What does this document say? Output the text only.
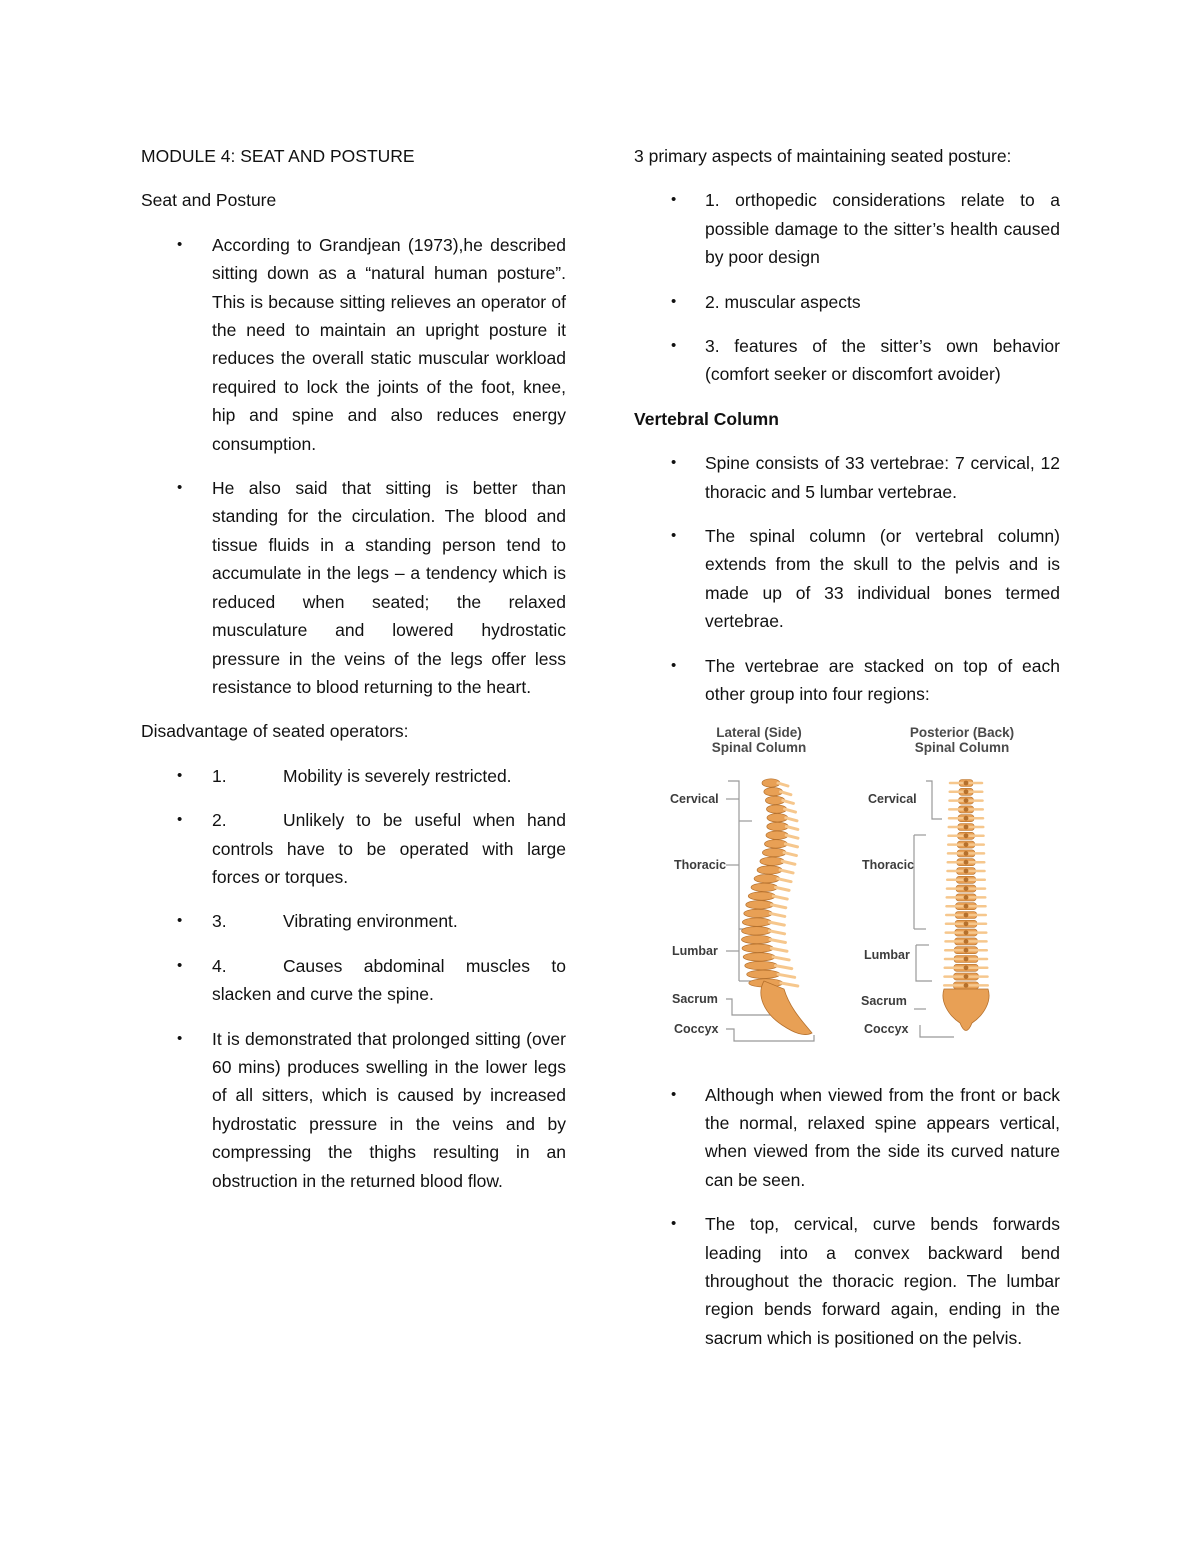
MODULE 4: SEAT AND POSTURE

Seat and Posture

• According to Grandjean (1973),he described sitting down as a “natural human posture”. This is because sitting relieves an operator of the need to maintain an upright posture it reduces the overall static muscular workload required to lock the joints of the foot, knee, hip and spine and also reduces energy consumption.
• He also said that sitting is better than standing for the circulation. The blood and tissue fluids in a standing person tend to accumulate in the legs – a tendency which is reduced when seated; the relaxed musculature and lowered hydrostatic pressure in the veins of the legs offer less resistance to blood returning to the heart.

Disadvantage of seated operators:

• 1.	Mobility is severely restricted.
• 2.	Unlikely to be useful when hand controls have to be operated with large forces or torques.
• 3.	Vibrating environment.
• 4.	Causes abdominal muscles to slacken and curve the spine.
• It is demonstrated that prolonged sitting (over 60 mins) produces swelling in the lower legs of all sitters, which is caused by increased hydrostatic pressure in the veins and by compressing the thighs resulting in an obstruction in the returned blood flow.

3 primary aspects of maintaining seated posture:

• 1. orthopedic considerations relate to a possible damage to the sitter’s health caused by poor design
• 2. muscular aspects
• 3. features of the sitter’s own behavior (comfort seeker or discomfort avoider)

Vertebral Column

• Spine consists of 33 vertebrae: 7 cervical, 12 thoracic and 5 lumbar vertebrae.
• The spinal column (or vertebral column) extends from the skull to the pelvis and is made up of 33 individual bones termed vertebrae.
• The vertebrae are stacked on top of each other group into four regions:
Lateral (Side)
Spinal Column
Posterior (Back)
Spinal Column
Cervical
Thoracic
Lumbar
Sacrum
Coccyx
Cervical
Thoracic
Lumbar
Sacrum
Coccyx
• Although when viewed from the front or back the normal, relaxed spine appears vertical, when viewed from the side its curved nature can be seen.
• The top, cervical, curve bends forwards leading into a convex backward bend throughout the thoracic region. The lumbar region bends forward again, ending in the sacrum which is positioned on the pelvis.
